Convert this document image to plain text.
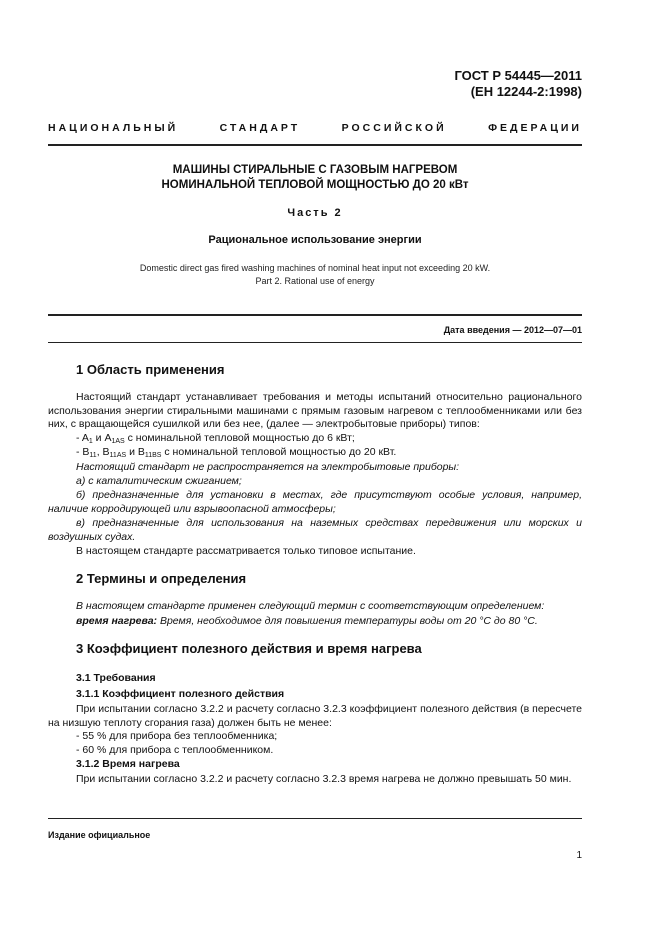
ГОСТ Р 54445—2011
(ЕН 12244-2:1998)
НАЦИОНАЛЬНЫЙ	СТАНДАРТ	РОССИЙСКОЙ	ФЕДЕРАЦИИ
МАШИНЫ СТИРАЛЬНЫЕ С ГАЗОВЫМ НАГРЕВОМ
НОМИНАЛЬНОЙ ТЕПЛОВОЙ МОЩНОСТЬЮ ДО 20 кВт
Часть 2
Рациональное использование энергии
Domestic direct gas fired washing machines of nominal heat input not exceeding 20 kW.
Part 2. Rational use of energy
Дата введения — 2012—07—01
1 Область применения
Настоящий стандарт устанавливает требования и методы испытаний относительно рационального использования энергии стиральными машинами с прямым газовым нагревом с теплообменниками или без них, с вращающейся сушилкой или без нее, (далее — электробытовые приборы) типов:
- $A_1$ и $A_{1AS}$ с номинальной тепловой мощностью до 6 кВт;
- $B_{11}$, $B_{11AS}$ и $B_{11BS}$ с номинальной тепловой мощностью до 20 кВт.
Настоящий стандарт не распространяется на электробытовые приборы:
а) с каталитическим сжиганием;
б) предназначенные для установки в местах, где присутствуют особые условия, например, наличие корродирующей или взрывоопасной атмосферы;
в) предназначенные для использования на наземных средствах передвижения или морских и воздушных судах.
В настоящем стандарте рассматривается только типовое испытание.
2 Термины и определения
В настоящем стандарте применен следующий термин с соответствующим определением:
время нагрева: Время, необходимое для повышения температуры воды от 20 °С до 80 °С.
3 Коэффициент полезного действия и время нагрева
3.1 Требования
3.1.1 Коэффициент полезного действия
При испытании согласно 3.2.2 и расчету согласно 3.2.3 коэффициент полезного действия (в пересчете на низшую теплоту сгорания газа) должен быть не менее:
- 55 % для прибора без теплообменника;
- 60 % для прибора с теплообменником.
3.1.2 Время нагрева
При испытании согласно 3.2.2 и расчету согласно 3.2.3 время нагрева не должно превышать 50 мин.
Издание официальное
1
